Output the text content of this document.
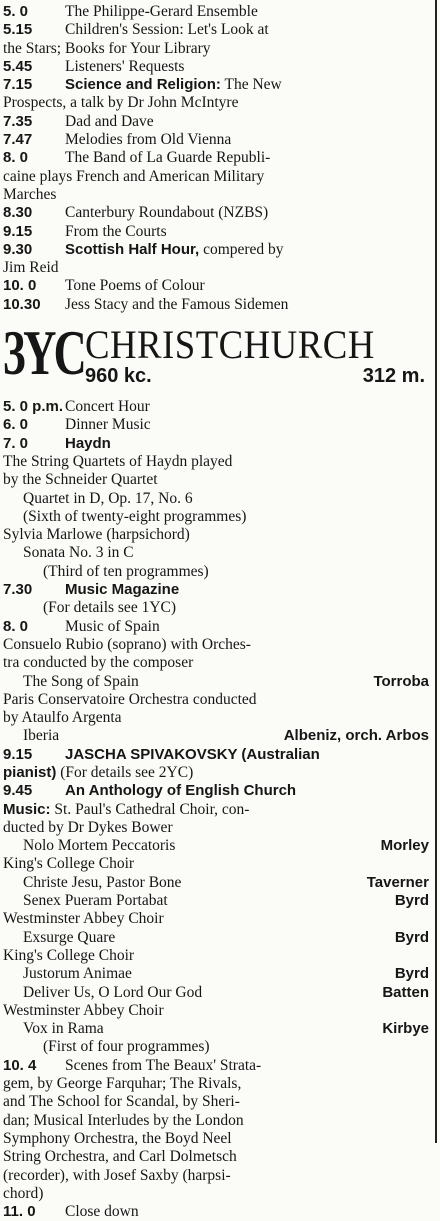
5. 0	The Philippe-Gerard Ensemble
5.15	Children's Session: Let's Look at
the Stars; Books for Your Library
5.45	Listeners' Requests
7.15	Science and Religion: The New
Prospects, a talk by Dr John McIntyre
7.35	Dad and Dave
7.47	Melodies from Old Vienna
8. 0	The Band of La Guarde Republi-
caine plays French and American Military
Marches
8.30	Canterbury Roundabout (NZBS)
9.15	From the Courts
9.30	Scottish Half Hour, compered by
Jim Reid
10. 0	Tone Poems of Colour
10.30	Jess Stacy and the Famous Sidemen
3YC CHRISTCHURCH
960 kc.	312 m.
5. 0 p.m. Concert Hour
6. 0	Dinner Music
7. 0	Haydn
The String Quartets of Haydn played
by the Schneider Quartet
Quartet in D, Op. 17, No. 6
(Sixth of twenty-eight programmes)
Sylvia Marlowe (harpsichord)
Sonata No. 3 in C
(Third of ten programmes)
7.30	Music Magazine
(For details see 1YC)
8. 0	Music of Spain
Consuelo Rubio (soprano) with Orches-
tra conducted by the composer
The Song of Spain	Torroba
Paris Conservatoire Orchestra conducted
by Ataulfo Argenta
Iberia	Albeniz, orch. Arbos
9.15	JASCHA SPIVAKOVSKY (Australian
pianist) (For details see 2YC)
9.45	An Anthology of English Church
Music: St. Paul's Cathedral Choir, con-
ducted by Dr Dykes Bower
Nolo Mortem Peccatoris	Morley
King's College Choir
Christe Jesu, Pastor Bone	Taverner
Senex Pueram Portabat	Byrd
Westminster Abbey Choir
Exsurge Quare	Byrd
King's College Choir
Justorum Animae	Byrd
Deliver Us, O Lord Our God	Batten
Westminster Abbey Choir
Vox in Rama	Kirbye
(First of four programmes)
10. 4	Scenes from The Beaux' Strata-
gem, by George Farquhar; The Rivals,
and The School for Scandal, by Sheri-
dan; Musical Interludes by the London
Symphony Orchestra, the Boyd Neel
String Orchestra, and Carl Dolmetsch
(recorder), with Josef Saxby (harpsi-
chord)
11. 0	Close down
